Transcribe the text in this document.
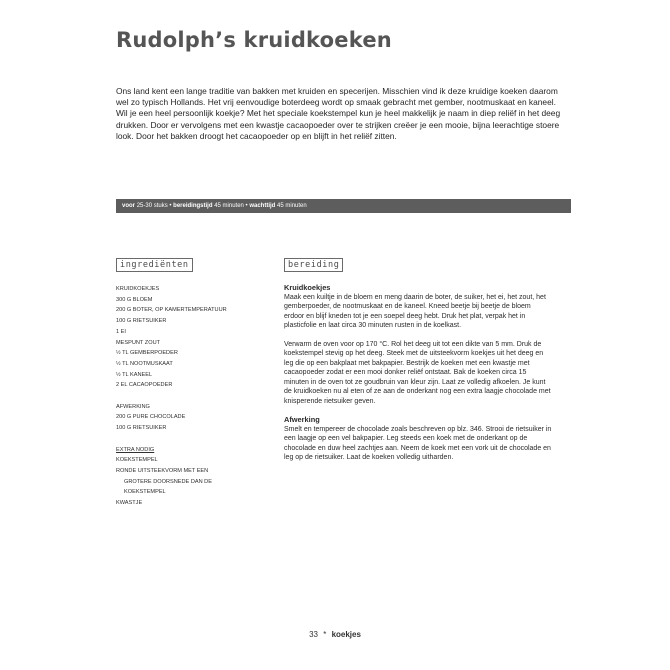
Rudolph’s kruidkoeken

Ons land kent een lange traditie van bakken met kruiden en specerijen. Misschien vind ik deze kruidige koeken daarom wel zo typisch Hollands. Het vrij eenvoudige boterdeeg wordt op smaak gebracht met gember, nootmuskaat en kaneel. Wil je een heel persoonlijk koekje? Met het speciale koekstempel kun je heel makkelijk je naam in diep reliëf in het deeg drukken. Door er vervolgens met een kwastje cacaopoeder over te strijken creëer je een mooie, bijna leerachtige stoere look. Door het bakken droogt het cacaopoeder op en blijft in het reliëf zitten.

voor 25-30 stuks • bereidingstijd 45 minuten • wachttijd 45 minuten
ingrediënten	bereiding
KRUIDKOEKJES
300 G BLOEM
200 G BOTER, OP KAMERTEMPERATUUR
100 G RIETSUIKER
1 EI
MESPUNT ZOUT
½ TL GEMBERPOEDER
½ TL NOOTMUSKAAT
½ TL KANEEL
2 EL CACAOPOEDER
AFWERKING
200 G PURE CHOCOLADE
100 G RIETSUIKER
EXTRA NODIG
KOEKSTEMPEL
RONDE UITSTEEKVORM MET EEN
GROTERE DOORSNEDE DAN DE
KOEKSTEMPEL
KWASTJE
Kruidkoekjes

Maak een kuiltje in de bloem en meng daarin de boter, de suiker, het ei, het zout, het gemberpoeder, de nootmuskaat en de kaneel. Kneed beetje bij beetje de bloem erdoor en blijf kneden tot je een soepel deeg hebt. Druk het plat, verpak het in plasticfolie en laat circa 30 minuten rusten in de koelkast.

Verwarm de oven voor op 170 °C. Rol het deeg uit tot een dikte van 5 mm. Druk de koekstempel stevig op het deeg. Steek met de uitsteekvorm koekjes uit het deeg en leg die op een bakplaat met bakpapier. Bestrijk de koeken met een kwastje met cacaopoeder zodat er een mooi donker reliëf ontstaat. Bak de koeken circa 15 minuten in de oven tot ze goudbruin van kleur zijn. Laat ze volledig afkoelen. Je kunt de kruidkoeken nu al eten of ze aan de onderkant nog een extra laagje chocolade met knisperende rietsuiker geven.

Afwerking

Smelt en tempereer de chocolade zoals beschreven op blz. 346. Strooi de rietsuiker in een laagje op een vel bakpapier. Leg steeds een koek met de onderkant op de chocolade en duw heel zachtjes aan. Neem de koek met een vork uit de chocolade en leg op de rietsuiker. Laat de koeken volledig uitharden.

33 * koekjes
